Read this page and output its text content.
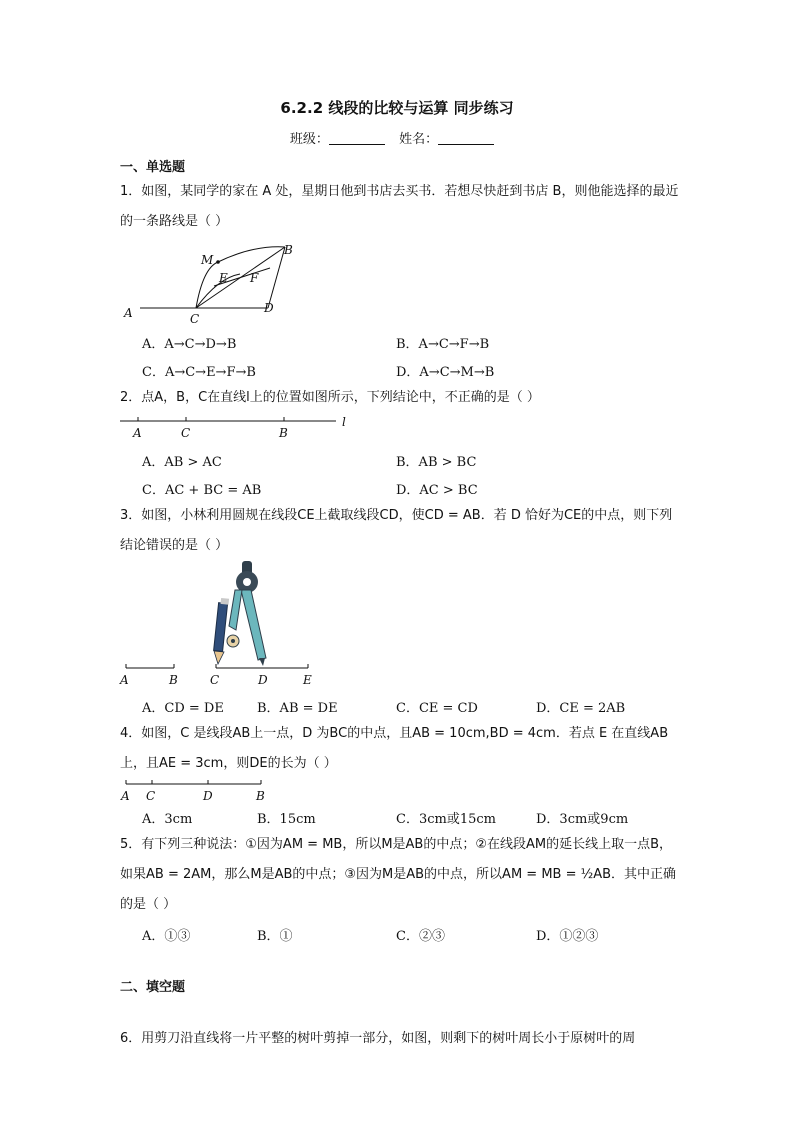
6.2.2 线段的比较与运算 同步练习
班级：	姓名：
一、单选题
1．如图，某同学的家在 A 处，星期日他到书店去买书．若想尽快赶到书店 B，则他能选择的最近的一条路线是（ ）
M
B
E F
A	C
D
A．A→C→D→B	B．A→C→F→B
C．A→C→E→F→B	D．A→C→M→B
2．点A，B，C在直线l上的位置如图所示，下列结论中，不正确的是（ ）
A	C	B
l
A．AB > AC	B．AB > BC
C．AC + BC = AB	D．AC > BC
3．如图，小林利用圆规在线段CE上截取线段CD，使CD = AB．若 D 恰好为CE的中点，则下列结论错误的是（ ）
A	B	C	D	E
A．CD = DE	B．AB = DE	C．CE = CD	D．CE = 2AB
4．如图，C 是线段AB上一点，D 为BC的中点，且AB = 10cm,BD = 4cm．若点 E 在直线AB上，且AE = 3cm，则DE的长为（ ）
A C	D	B
A．3cm	B．15cm	C．3cm或15cm	D．3cm或9cm
5．有下列三种说法：①因为AM = MB，所以M是AB的中点；②在线段AM的延长线上取一点B，如果AB = 2AM，那么M是AB的中点；③因为M是AB的中点，所以AM = MB = ½AB．其中正确的是（ ）
A．①③	B．①	C．②③	D．①②③
二、填空题
6．用剪刀沿直线将一片平整的树叶剪掉一部分，如图，则剩下的树叶周长小于原树叶的周
